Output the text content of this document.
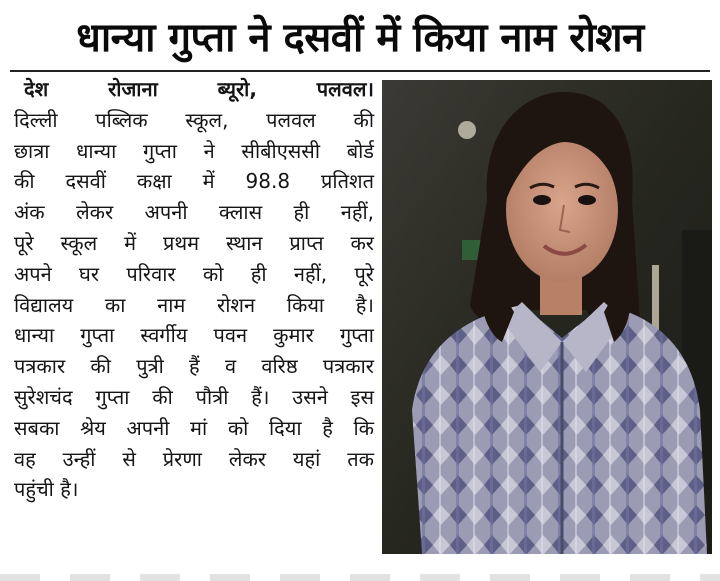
धान्या गुप्ता ने दसवीं में किया नाम रोशन
देश रोजाना ब्यूरो, पलवल।
दिल्ली पब्लिक स्कूल, पलवल की
छात्रा धान्या गुप्ता ने सीबीएससी बोर्ड
की दसवीं कक्षा में 98.8 प्रतिशत
अंक लेकर अपनी क्लास ही नहीं,
पूरे स्कूल में प्रथम स्थान प्राप्त कर
अपने घर परिवार को ही नहीं, पूरे
विद्यालय का नाम रोशन किया है।
धान्या गुप्ता स्वर्गीय पवन कुमार गुप्ता
पत्रकार की पुत्री हैं व वरिष्ठ पत्रकार
सुरेशचंद गुप्ता की पौत्री हैं। उसने इस
सबका श्रेय अपनी मां को दिया है कि
वह उन्हीं से प्रेरणा लेकर यहां तक
पहुंची है।
